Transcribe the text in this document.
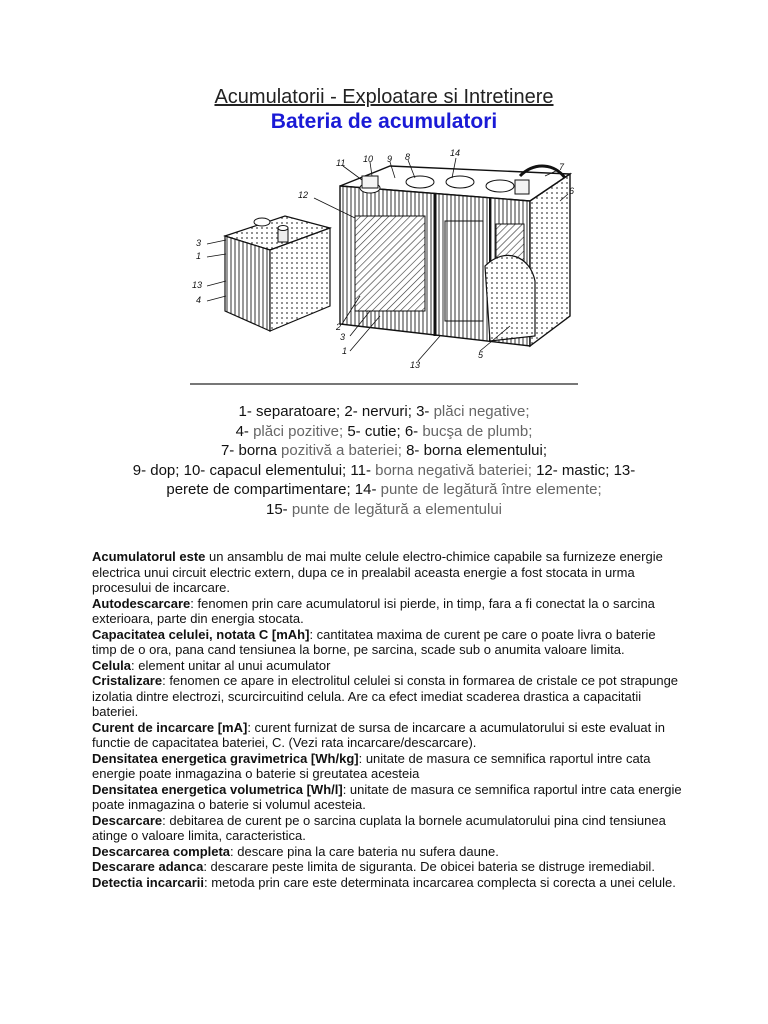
Acumulatorii - Exploatare si Intretinere
Bateria de acumulatori
11 10 9 8	14
7
12	6
3
1
13
4
2
3
1
13
5
1- separatoare; 2- nervuri; 3- plăci negative;
4- plăci pozitive; 5- cutie; 6- bucşa de plumb;
7- borna pozitivă a bateriei; 8- borna elementului;
9- dop; 10- capacul elementului; 11- borna negativă bateriei; 12- mastic; 13-
perete de compartimentare; 14- punte de legătură între elemente;
15- punte de legătură a elementului

Acumulatorul este un ansamblu de mai multe celule electro-chimice capabile sa furnizeze energie electrica unui circuit electric extern, dupa ce in prealabil aceasta energie a fost stocata in urma procesului de incarcare.

Autodescarcare: fenomen prin care acumulatorul isi pierde, in timp, fara a fi conectat la o sarcina exterioara, parte din energia stocata.

Capacitatea celulei, notata C [mAh]: cantitatea maxima de curent pe care o poate livra o baterie timp de o ora, pana cand tensiunea la borne, pe sarcina, scade sub o anumita valoare limita.

Celula: element unitar al unui acumulator

Cristalizare: fenomen ce apare in electrolitul celulei si consta in formarea de cristale ce pot strapunge izolatia dintre electrozi, scurcircuitind celula. Are ca efect imediat scaderea drastica a capacitatii bateriei.

Curent de incarcare [mA]: curent furnizat de sursa de incarcare a acumulatorului si este evaluat in functie de capacitatea bateriei, C. (Vezi rata incarcare/descarcare).

Densitatea energetica gravimetrica [Wh/kg]: unitate de masura ce semnifica raportul intre cata energie poate inmagazina o baterie si greutatea acesteia

Densitatea energetica volumetrica [Wh/l]: unitate de masura ce semnifica raportul intre cata energie poate inmagazina o baterie si volumul acesteia.

Descarcare: debitarea de curent pe o sarcina cuplata la bornele acumulatorului pina cind tensiunea atinge o valoare limita, caracteristica.

Descarcarea completa: descare pina la care bateria nu sufera daune.

Descarare adanca: descarare peste limita de siguranta. De obicei bateria se distruge iremediabil.

Detectia incarcarii: metoda prin care este determinata incarcarea complecta si corecta a unei celule.
